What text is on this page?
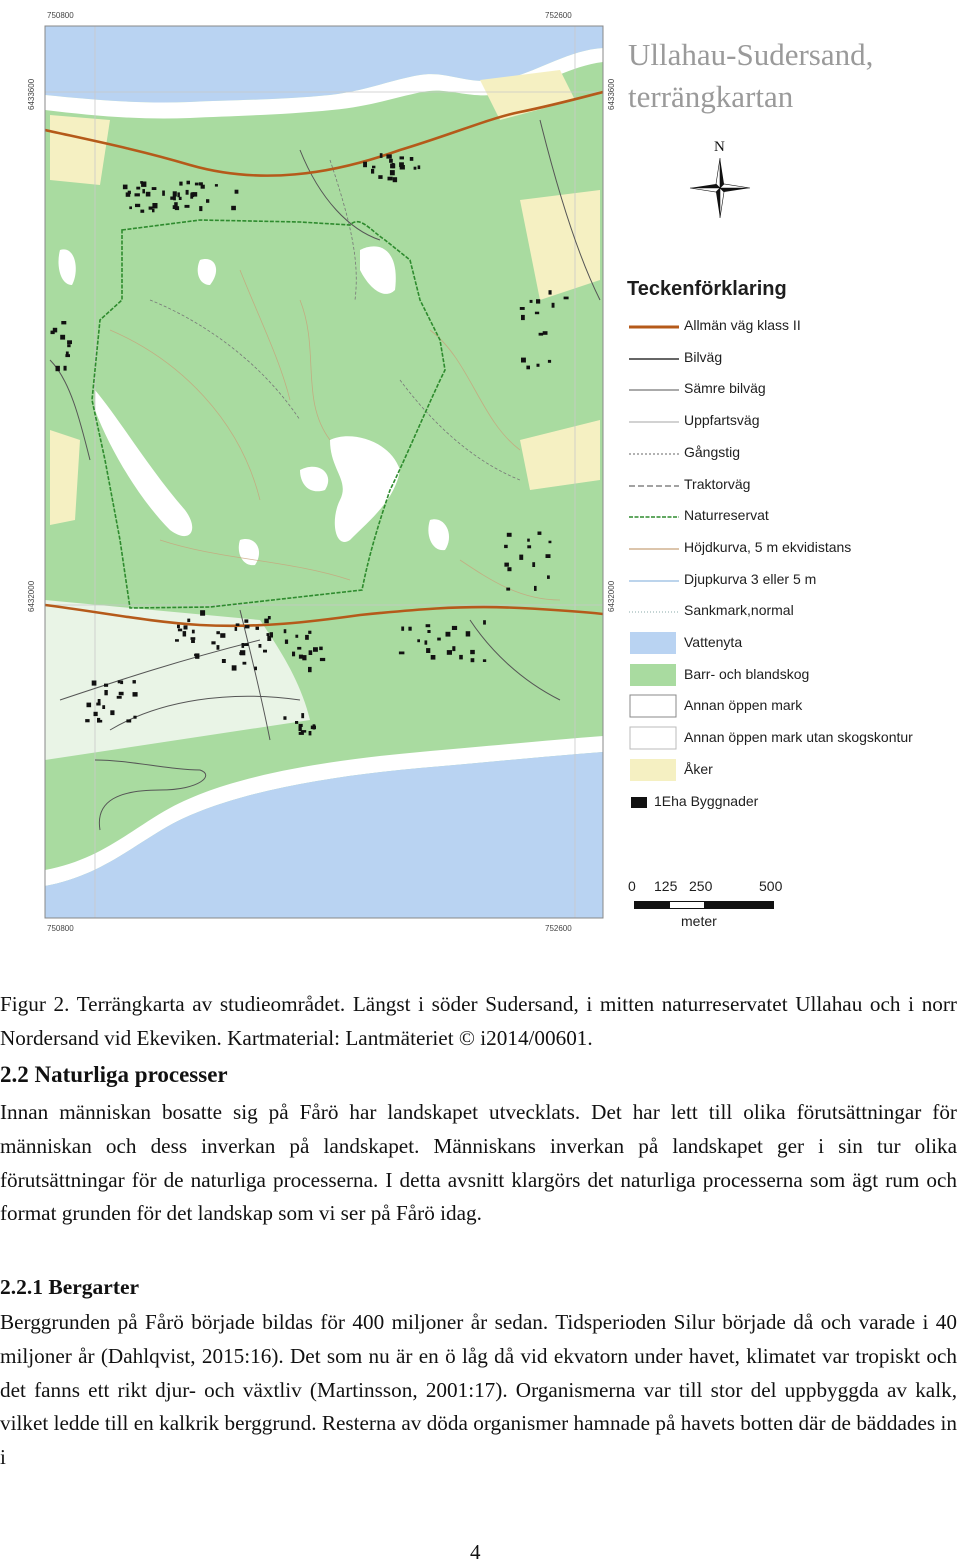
750800	752600
750800	752600
6433600
6432000
6433600
6432000
Ullahau-Sudersand,
terrängkartan
N
Teckenförklaring
Allmän väg klass II
Bilväg
Sämre bilväg
Uppfartsväg
Gångstig
Traktorväg
Naturreservat
Höjdkurva, 5 m ekvidistans
Djupkurva 3 eller 5 m
Sankmark,normal
Vattenyta
Barr- och blandskog
Annan öppen mark
Annan öppen mark utan skogskontur
Åker
1Eha Byggnader
0 125 250	500
meter
Figur 2. Terrängkarta av studieområdet. Längst i söder Sudersand, i mitten naturreservatet Ullahau och i norr Nordersand vid Ekeviken. Kartmaterial: Lantmäteriet © i2014/00601.
2.2 Naturliga processer
Innan människan bosatte sig på Fårö har landskapet utvecklats. Det har lett till olika förutsättningar för människan och dess inverkan på landskapet. Människans inverkan på landskapet ger i sin tur olika förutsättningar för de naturliga processerna. I detta avsnitt klargörs det naturliga processerna som ägt rum och format grunden för det landskap som vi ser på Fårö idag.
2.2.1 Bergarter
Berggrunden på Fårö började bildas för 400 miljoner år sedan. Tidsperioden Silur började då och varade i 40 miljoner år (Dahlqvist, 2015:16). Det som nu är en ö låg då vid ekvatorn under havet, klimatet var tropiskt och det fanns ett rikt djur- och växtliv (Martinsson, 2001:17). Organismerna var till stor del uppbyggda av kalk, vilket ledde till en kalkrik berggrund. Resterna av döda organismer hamnade på havets botten där de bäddades in i
4
